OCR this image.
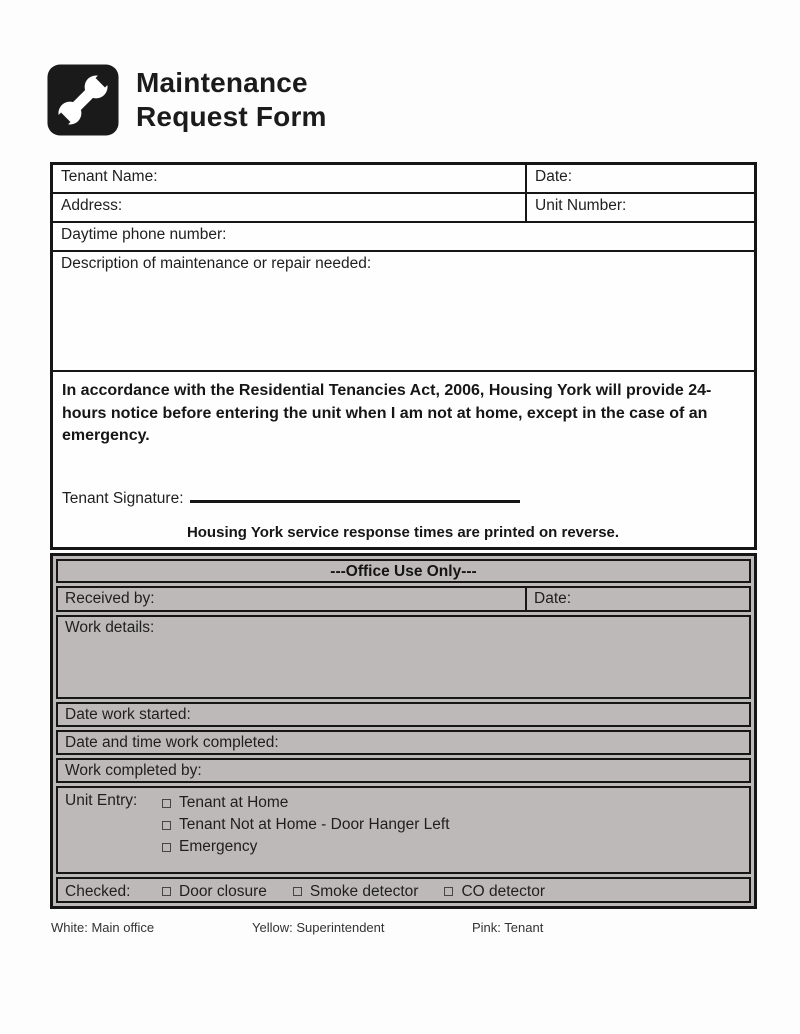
Maintenance
Request Form
Tenant Name:	Date:
Address:	Unit Number:
Daytime phone number:
Description of maintenance or repair needed:
In accordance with the Residential Tenancies Act, 2006, Housing York will provide 24-hours notice before entering the unit when I am not at home, except in the case of an emergency.
Tenant Signature:
Housing York service response times are printed on reverse.
---Office Use Only---
Received by:	Date:
Work details:
Date work started:
Date and time work completed:
Work completed by:
Unit Entry:	Tenant at Home
Tenant Not at Home - Door Hanger Left
Emergency
Checked:	Door closure	Smoke detector	CO detector
White: Main office	Yellow: Superintendent	Pink: Tenant
